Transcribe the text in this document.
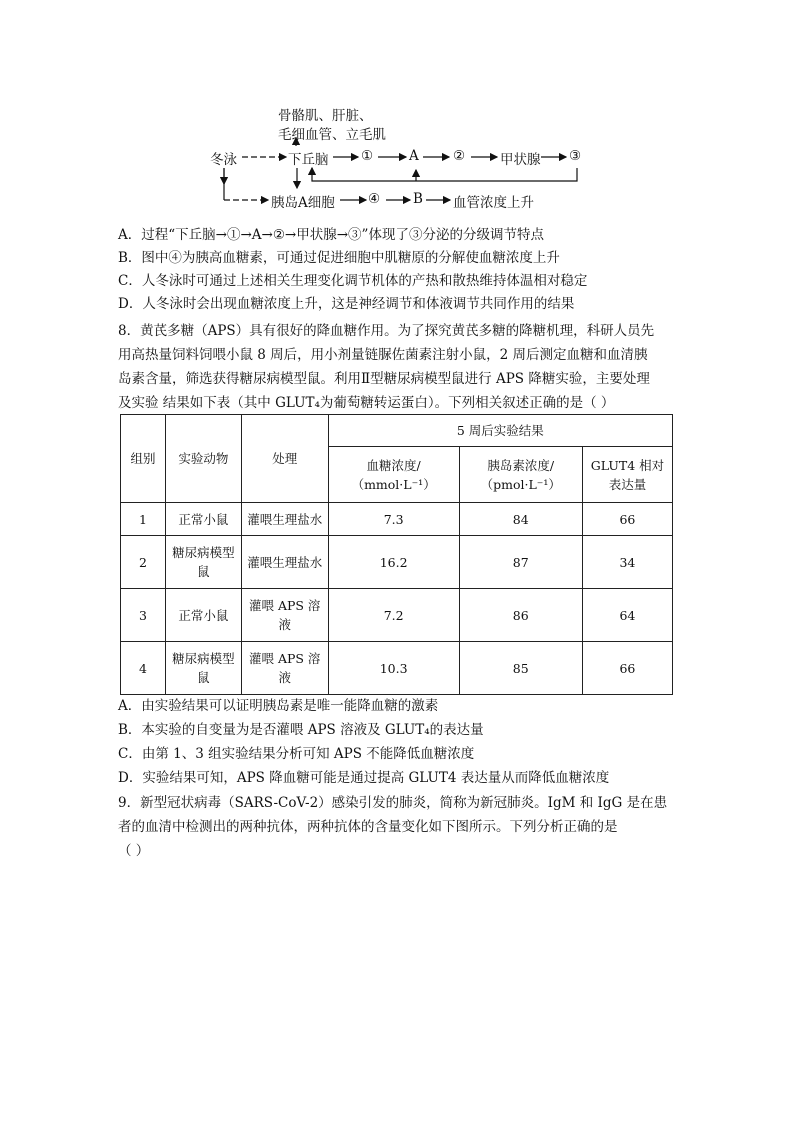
骨骼肌、肝脏、
毛细血管、立毛肌
冬泳	下丘脑 ①	A	②	甲状腺 ③
胰岛A细胞 ④ B 血管浓度上升
A．过程“下丘脑→①→A→②→甲状腺→③”体现了③分泌的分级调节特点
B．图中④为胰高血糖素，可通过促进细胞中肌糖原的分解使血糖浓度上升
C．人冬泳时可通过上述相关生理变化调节机体的产热和散热维持体温相对稳定
D．人冬泳时会出现血糖浓度上升，这是神经调节和体液调节共同作用的结果
8．黄芪多糖（APS）具有很好的降血糖作用。为了探究黄芪多糖的降糖机理，科研人员先
用高热量饲料饲喂小鼠 8 周后，用小剂量链脲佐菌素注射小鼠，2 周后测定血糖和血清胰
岛素含量，筛选获得糖尿病模型鼠。利用Ⅱ型糖尿病模型鼠进行 APS 降糖实验，主要处理
及实验 结果如下表（其中 GLUT₄为葡萄糖转运蛋白）。下列相关叙述正确的是（ ）
组别	实验动物	处理	5 周后实验结果		
			血糖浓度/（mmol·L⁻¹）	胰岛素浓度/（pmol·L⁻¹）	GLUT4 相对表达量
1	正常小鼠	灌喂生理盐水	7.3	84	66
2	糖尿病模型鼠	灌喂生理盐水	16.2	87	34
3	正常小鼠	灌喂 APS 溶液	7.2	86	64
4	糖尿病模型鼠	灌喂 APS 溶液	10.3	85	66
A．由实验结果可以证明胰岛素是唯一能降血糖的激素
B．本实验的自变量为是否灌喂 APS 溶液及 GLUT₄的表达量
C．由第 1、3 组实验结果分析可知 APS 不能降低血糖浓度
D．实验结果可知，APS 降血糖可能是通过提高 GLUT4 表达量从而降低血糖浓度
9．新型冠状病毒（SARS-CoV-2）感染引发的肺炎，简称为新冠肺炎。IgM 和 IgG 是在患
者的血清中检测出的两种抗体，两种抗体的含量变化如下图所示。下列分析正确的是
（ ）
